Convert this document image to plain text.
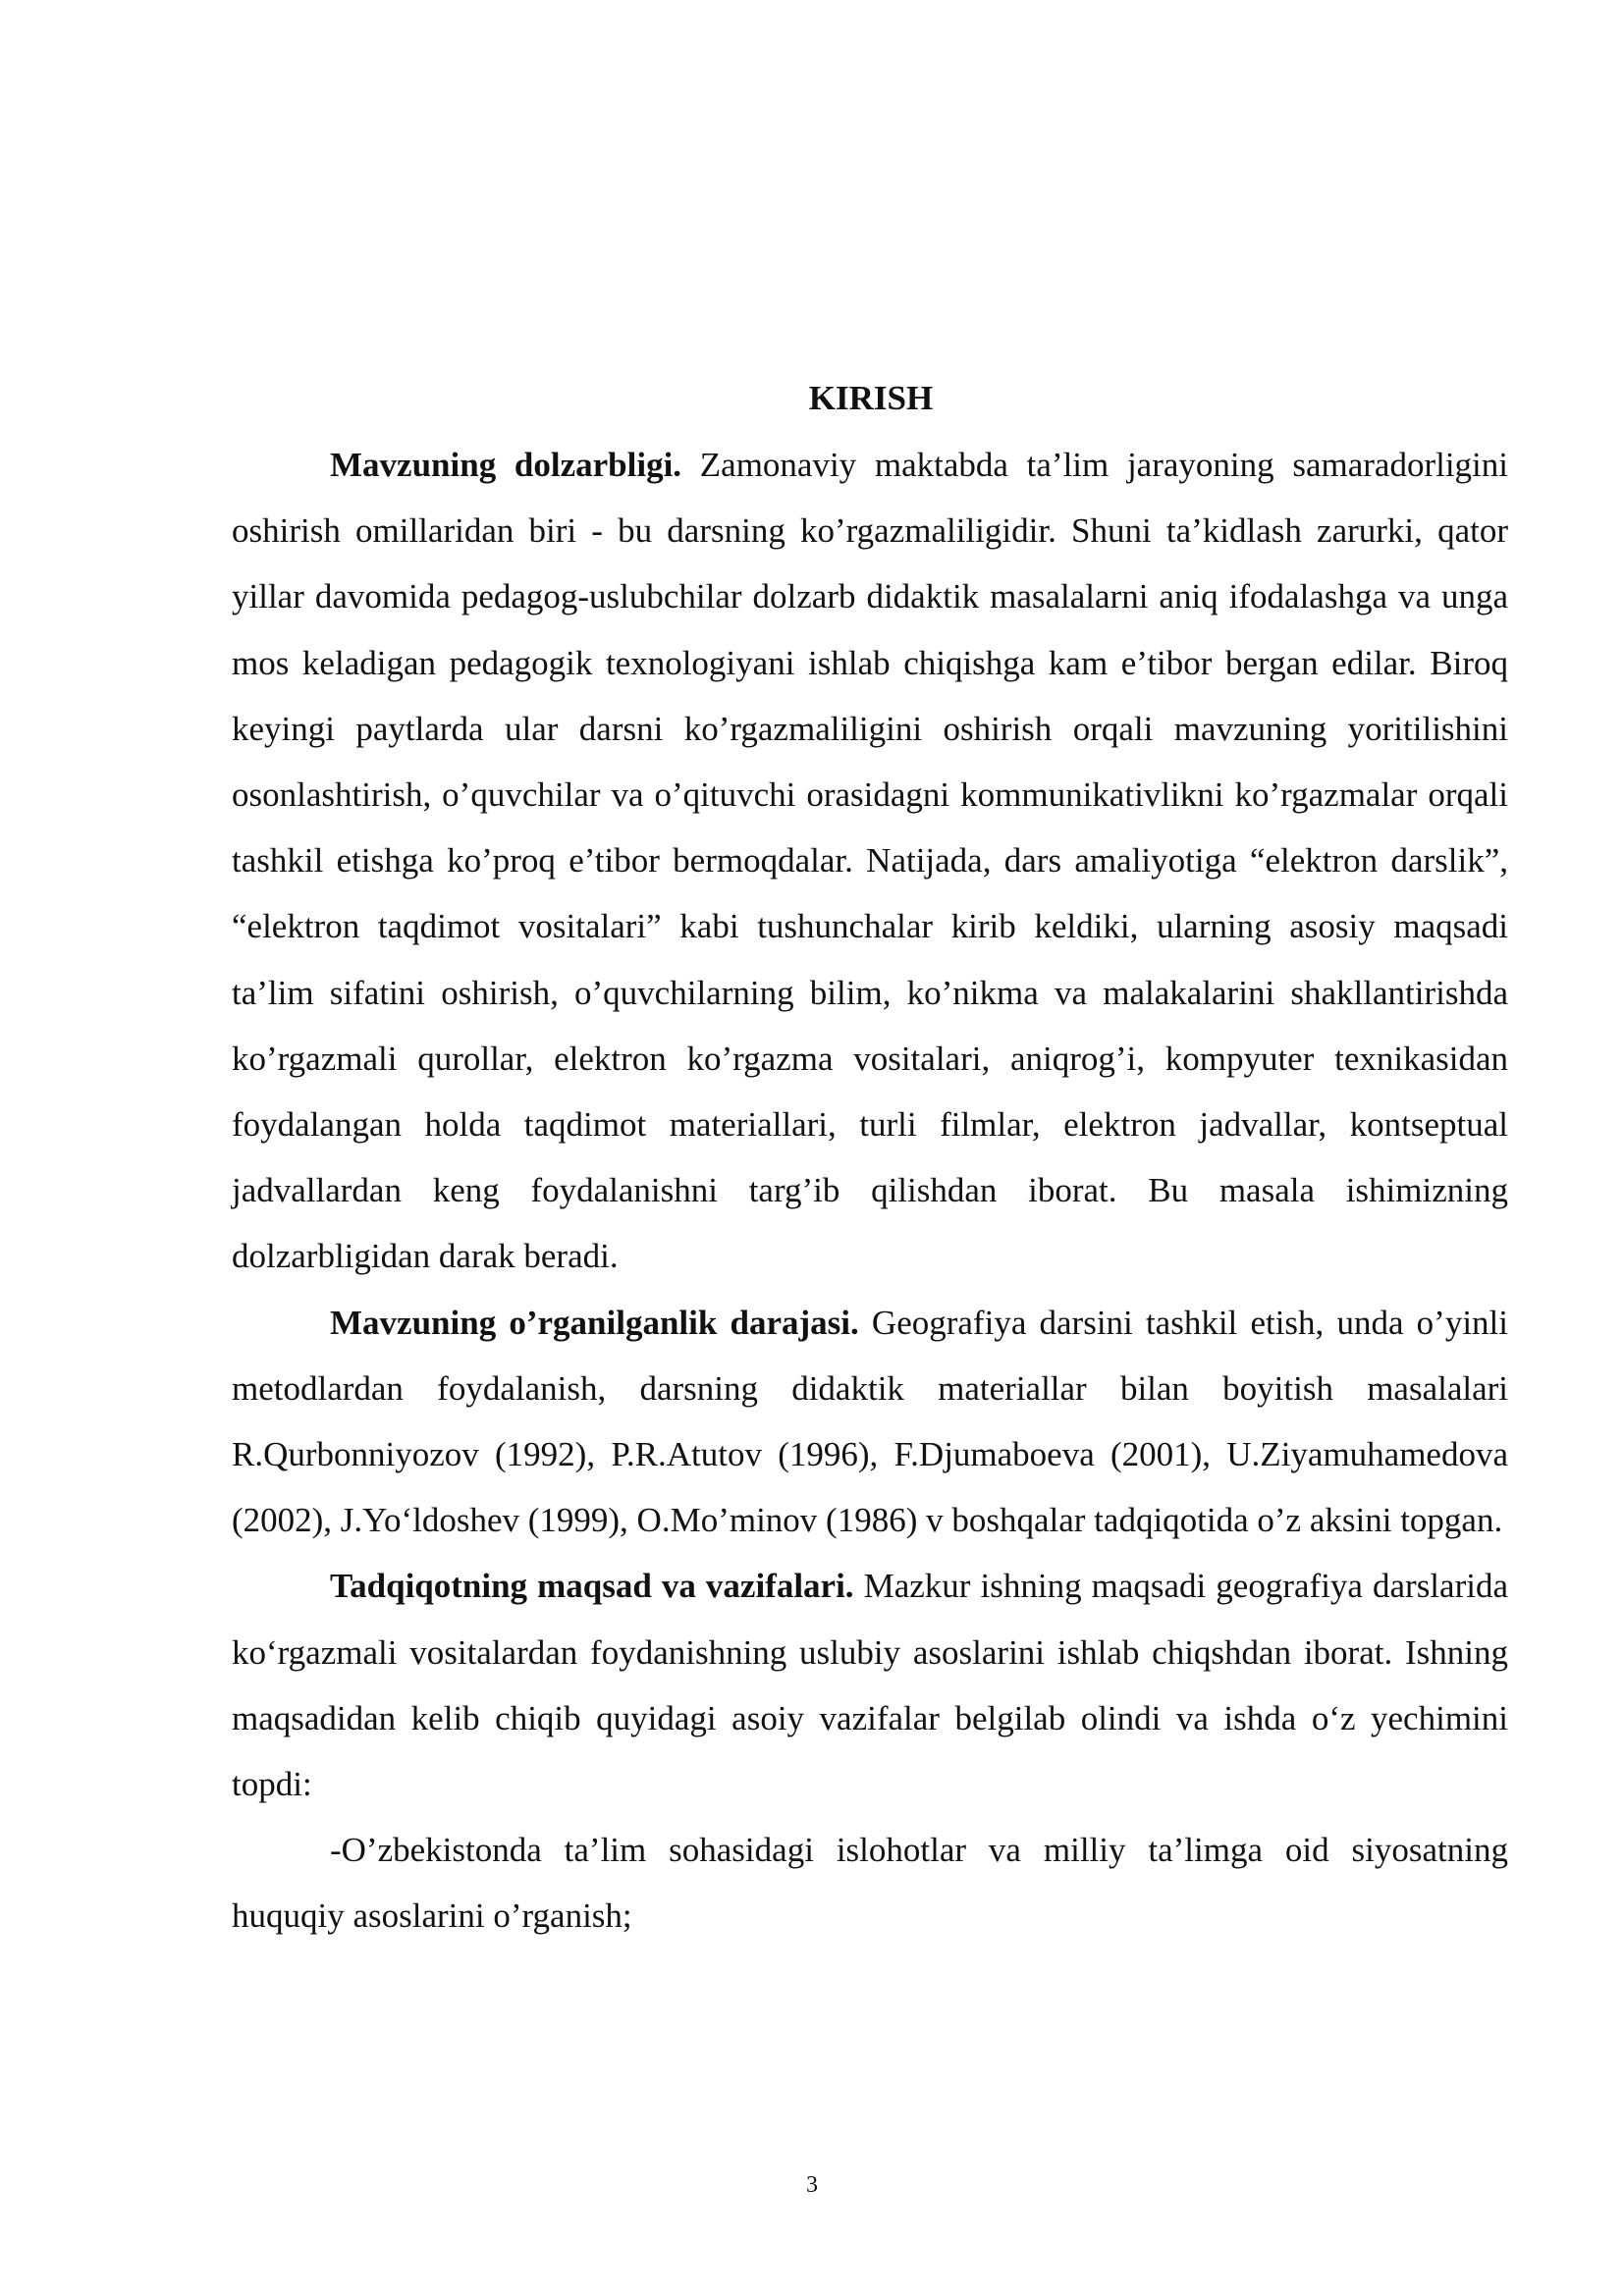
KIRISH

Mavzuning dolzarbligi. Zamonaviy maktabda ta’lim jarayoning samaradorligini oshirish omillaridan biri - bu darsning ko’rgazmaliligidir. Shuni ta’kidlash zarurki, qator yillar davomida pedagog-uslubchilar dolzarb didaktik masalalarni aniq ifodalashga va unga mos keladigan pedagogik texnologiyani ishlab chiqishga kam e’tibor bergan edilar. Biroq keyingi paytlarda ular darsni ko’rgazmaliligini oshirish orqali mavzuning yoritilishini osonlashtirish, o’quvchilar va o’qituvchi orasidagni kommunikativlikni ko’rgazmalar orqali tashkil etishga ko’proq e’tibor bermoqdalar. Natijada, dars amaliyotiga “elektron darslik”, “elektron taqdimot vositalari” kabi tushunchalar kirib keldiki, ularning asosiy maqsadi ta’lim sifatini oshirish, o’quvchilarning bilim, ko’nikma va malakalarini shakllantirishda ko’rgazmali qurollar, elektron ko’rgazma vositalari, aniqrog’i, kompyuter texnikasidan foydalangan holda taqdimot materiallari, turli filmlar, elektron jadvallar, kontseptual jadvallardan keng foydalanishni targ’ib qilishdan iborat. Bu masala ishimizning dolzarbligidan darak beradi.

Mavzuning o’rganilganlik darajasi. Geografiya darsini tashkil etish, unda o’yinli metodlardan foydalanish, darsning didaktik materiallar bilan boyitish masalalari R.Qurbonniyozov (1992), P.R.Atutov (1996), F.Djumaboeva (2001), U.Ziyamuhamedova (2002), J.Yo‘ldoshev (1999), O.Mo’minov (1986) v boshqalar tadqiqotida o’z aksini topgan.

Tadqiqotning maqsad va vazifalari. Mazkur ishning maqsadi geografiya darslarida ko‘rgazmali vositalardan foydanishning uslubiy asoslarini ishlab chiqshdan iborat. Ishning maqsadidan kelib chiqib quyidagi asoiy vazifalar belgilab olindi va ishda o‘z yechimini topdi:

-O’zbekistonda ta’lim sohasidagi islohotlar va milliy ta’limga oid siyosatning huquqiy asoslarini o’rganish;

3
